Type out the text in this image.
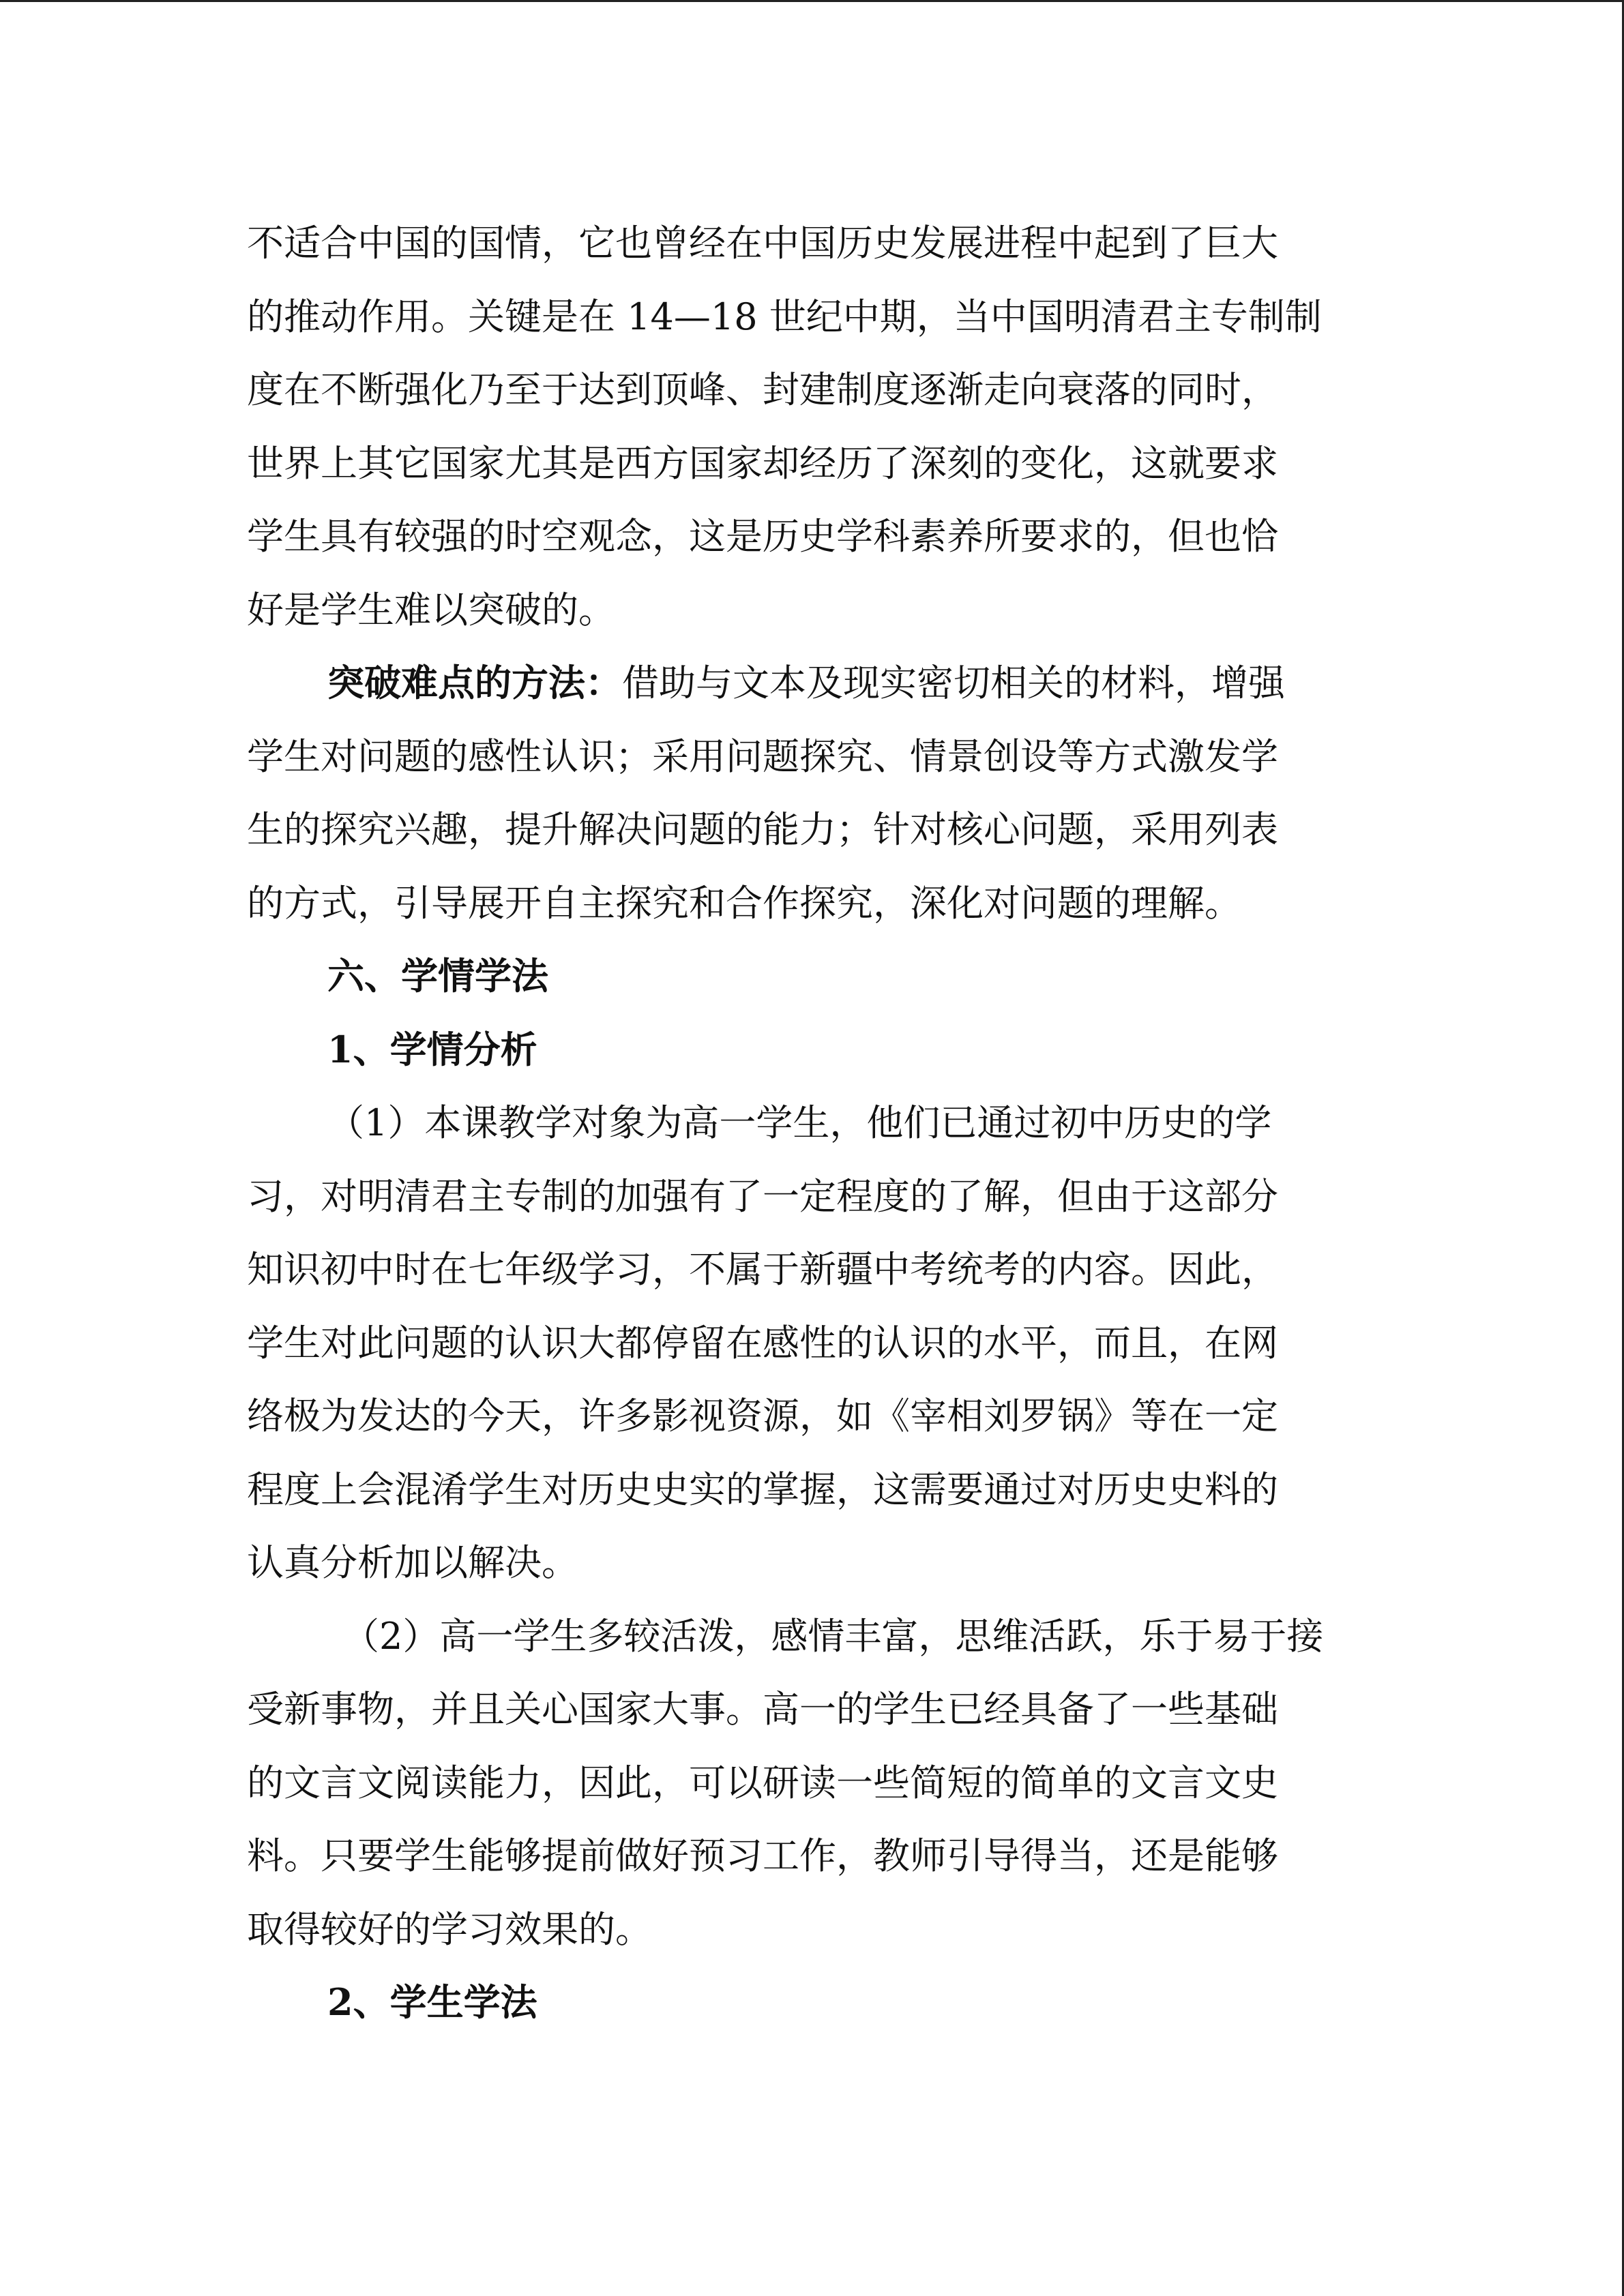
不适合中国的国情，它也曾经在中国历史发展进程中起到了巨大
的推动作用。关键是在 14—18 世纪中期，当中国明清君主专制制
度在不断强化乃至于达到顶峰、封建制度逐渐走向衰落的同时，
世界上其它国家尤其是西方国家却经历了深刻的变化，这就要求
学生具有较强的时空观念，这是历史学科素养所要求的，但也恰
好是学生难以突破的。
突破难点的方法：借助与文本及现实密切相关的材料，增强
学生对问题的感性认识；采用问题探究、情景创设等方式激发学
生的探究兴趣，提升解决问题的能力；针对核心问题，采用列表
的方式，引导展开自主探究和合作探究，深化对问题的理解。
六、学情学法
1、学情分析
（1）本课教学对象为高一学生，他们已通过初中历史的学
习，对明清君主专制的加强有了一定程度的了解，但由于这部分
知识初中时在七年级学习，不属于新疆中考统考的内容。因此，
学生对此问题的认识大都停留在感性的认识的水平，而且，在网
络极为发达的今天，许多影视资源，如《宰相刘罗锅》等在一定
程度上会混淆学生对历史史实的掌握，这需要通过对历史史料的
认真分析加以解决。
（2）高一学生多较活泼，感情丰富，思维活跃，乐于易于接
受新事物，并且关心国家大事。高一的学生已经具备了一些基础
的文言文阅读能力，因此，可以研读一些简短的简单的文言文史
料。只要学生能够提前做好预习工作，教师引导得当，还是能够
取得较好的学习效果的。
2、学生学法
